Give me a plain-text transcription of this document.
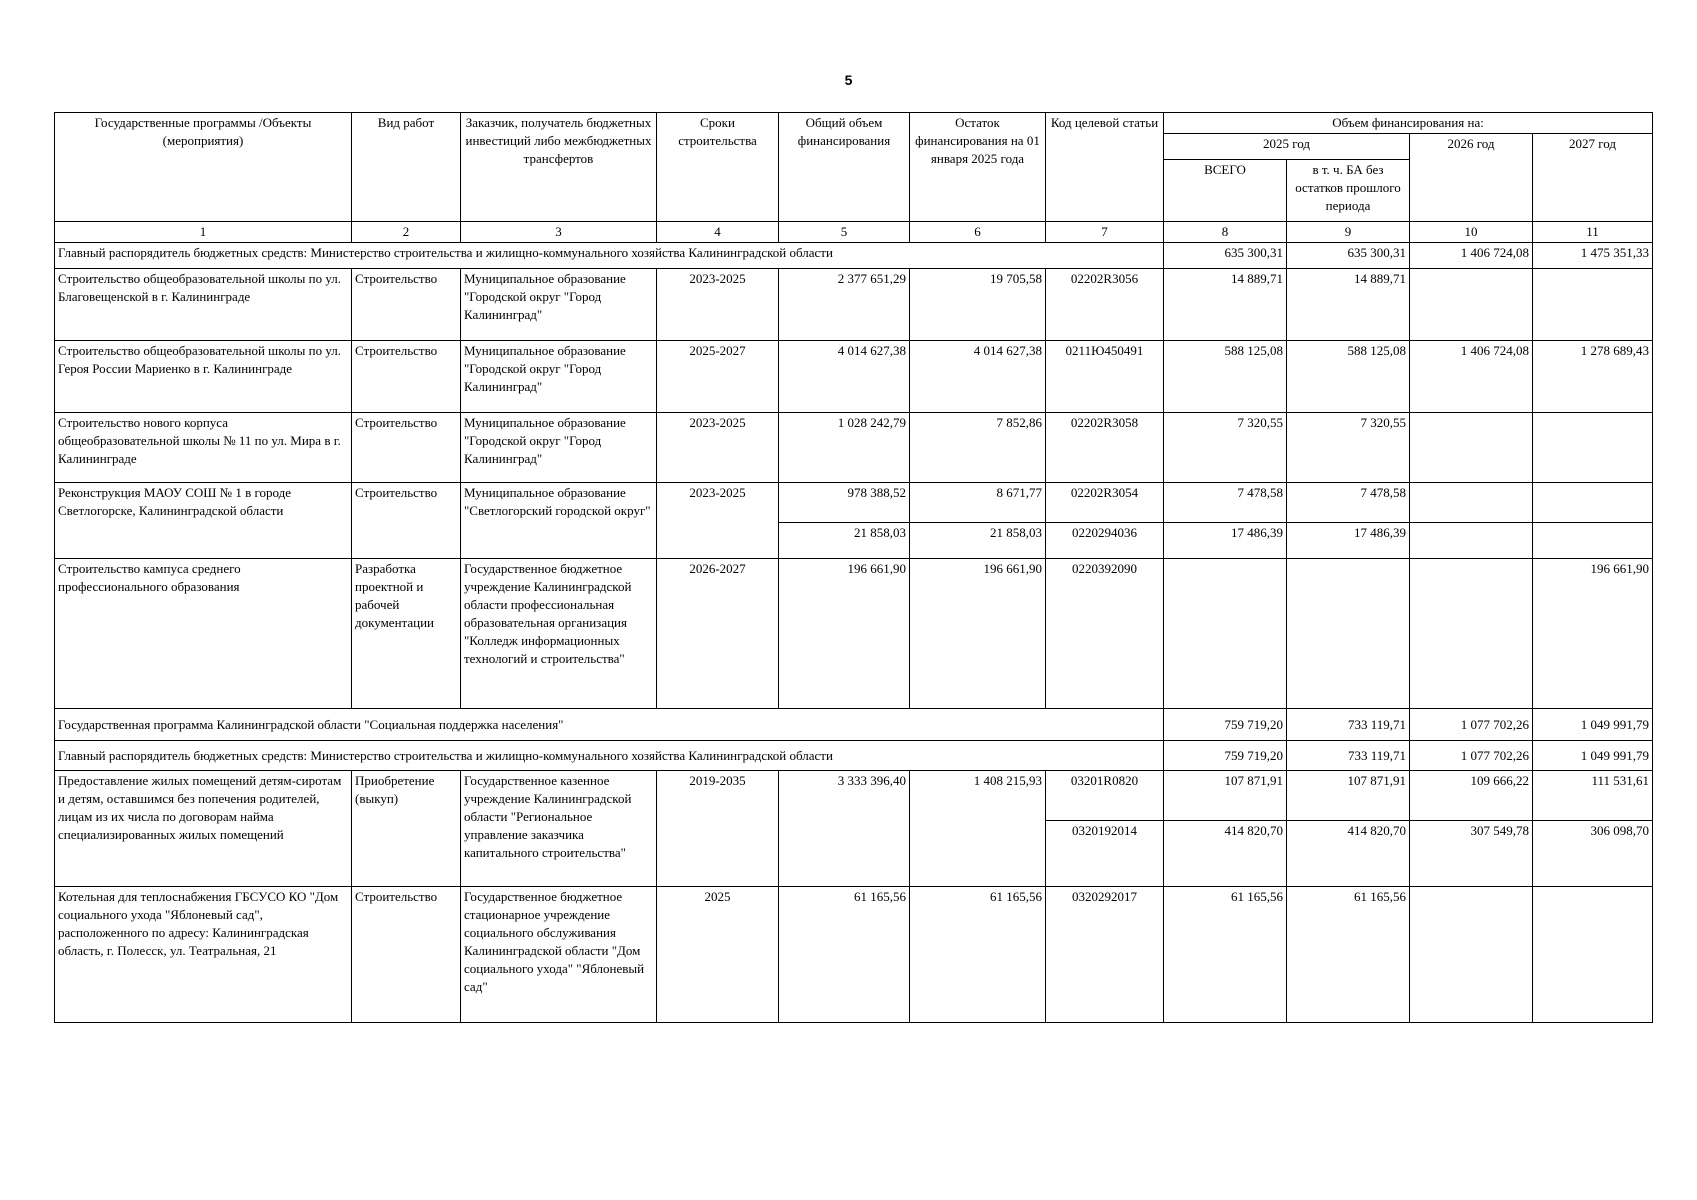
5
Государственные программы /Объекты (мероприятия)	Вид работ	Заказчик, получатель бюджетных инвестиций либо межбюджетных трансфертов	Сроки строительства	Общий объем финансирования	Остаток финансирования на 01 января 2025 года	Код целевой статьи	Объем финансирования на:			
							2025 год		2026 год	2027 год
							ВСЕГО	в т. ч. БА без остатков прошлого периода		
1	2	3	4	5	6	7	8	9	10	11
Главный распорядитель бюджетных средств: Министерство строительства и жилищно-коммунального хозяйства Калининградской области							635 300,31	635 300,31	1 406 724,08	1 475 351,33
Строительство общеобразовательной школы по ул. Благовещенской в г. Калининграде	Строительство	Муниципальное образование "Городской округ "Город Калининград"	2023-2025	2 377 651,29	19 705,58	02202R3056	14 889,71	14 889,71		
Строительство общеобразовательной школы по ул. Героя России Мариенко в г. Калининграде	Строительство	Муниципальное образование "Городской округ "Город Калининград"	2025-2027	4 014 627,38	4 014 627,38	0211Ю450491	588 125,08	588 125,08	1 406 724,08	1 278 689,43
Строительство нового корпуса общеобразовательной школы № 11 по ул. Мира в г. Калининграде	Строительство	Муниципальное образование "Городской округ "Город Калининград"	2023-2025	1 028 242,79	7 852,86	02202R3058	7 320,55	7 320,55		
Реконструкция МАОУ СОШ № 1 в городе Светлогорске, Калининградской области	Строительство	Муниципальное образование "Светлогорский городской округ"	2023-2025	978 388,52	8 671,77	02202R3054	7 478,58	7 478,58		
				21 858,03	21 858,03	0220294036	17 486,39	17 486,39		
Строительство кампуса среднего профессионального образования	Разработка проектной и рабочей документации	Государственное бюджетное учреждение Калининградской области профессиональная образовательная организация "Колледж информационных технологий и строительства"	2026-2027	196 661,90	196 661,90	0220392090				196 661,90
Государственная программа Калининградской области "Социальная поддержка населения"							759 719,20	733 119,71	1 077 702,26	1 049 991,79
Главный распорядитель бюджетных средств: Министерство строительства и жилищно-коммунального хозяйства Калининградской области							759 719,20	733 119,71	1 077 702,26	1 049 991,79
Предоставление жилых помещений детям-сиротам и детям, оставшимся без попечения родителей, лицам из их числа по договорам найма специализированных жилых помещений	Приобретение (выкуп)	Государственное казенное учреждение Калининградской области "Региональное управление заказчика капитального строительства"	2019-2035	3 333 396,40	1 408 215,93	03201R0820	107 871,91	107 871,91	109 666,22	111 531,61
						0320192014	414 820,70	414 820,70	307 549,78	306 098,70
Котельная для теплоснабжения ГБСУСО КО "Дом социального ухода "Яблоневый сад", расположенного по адресу: Калининградская область, г. Полесск, ул. Театральная, 21	Строительство	Государственное бюджетное стационарное учреждение социального обслуживания Калининградской области "Дом социального ухода" "Яблоневый сад"	2025	61 165,56	61 165,56	0320292017	61 165,56	61 165,56		
